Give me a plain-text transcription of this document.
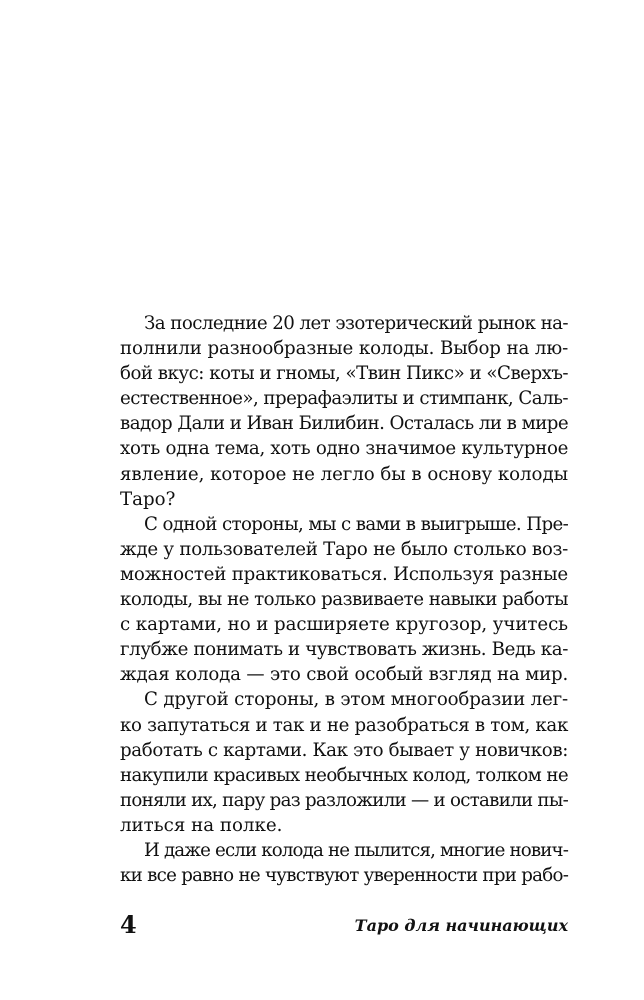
За последние 20 лет эзотерический рынок на-
полнили разнообразные колоды. Выбор на лю-
бой вкус: коты и гномы, «Твин Пикс» и «Сверхъ-
естественное», прерафаэлиты и стимпанк, Саль-
вадор Дали и Иван Билибин. Осталась ли в мире
хоть одна тема, хоть одно значимое культурное
явление, которое не легло бы в основу колоды
Таро?

С одной стороны, мы с вами в выигрыше. Пре-
жде у пользователей Таро не было столько воз-
можностей практиковаться. Используя разные
колоды, вы не только развиваете навыки работы
с картами, но и расширяете кругозор, учитесь
глубже понимать и чувствовать жизнь. Ведь ка-
ждая колода — это свой особый взгляд на мир.

С другой стороны, в этом многообразии лег-
ко запутаться и так и не разобраться в том, как
работать с картами. Как это бывает у новичков:
накупили красивых необычных колод, толком не
поняли их, пару раз разложили — и оставили пы-
литься на полке.

И даже если колода не пылится, многие нович-
ки все равно не чувствуют уверенности при рабо-

4	Таро для начинающих
